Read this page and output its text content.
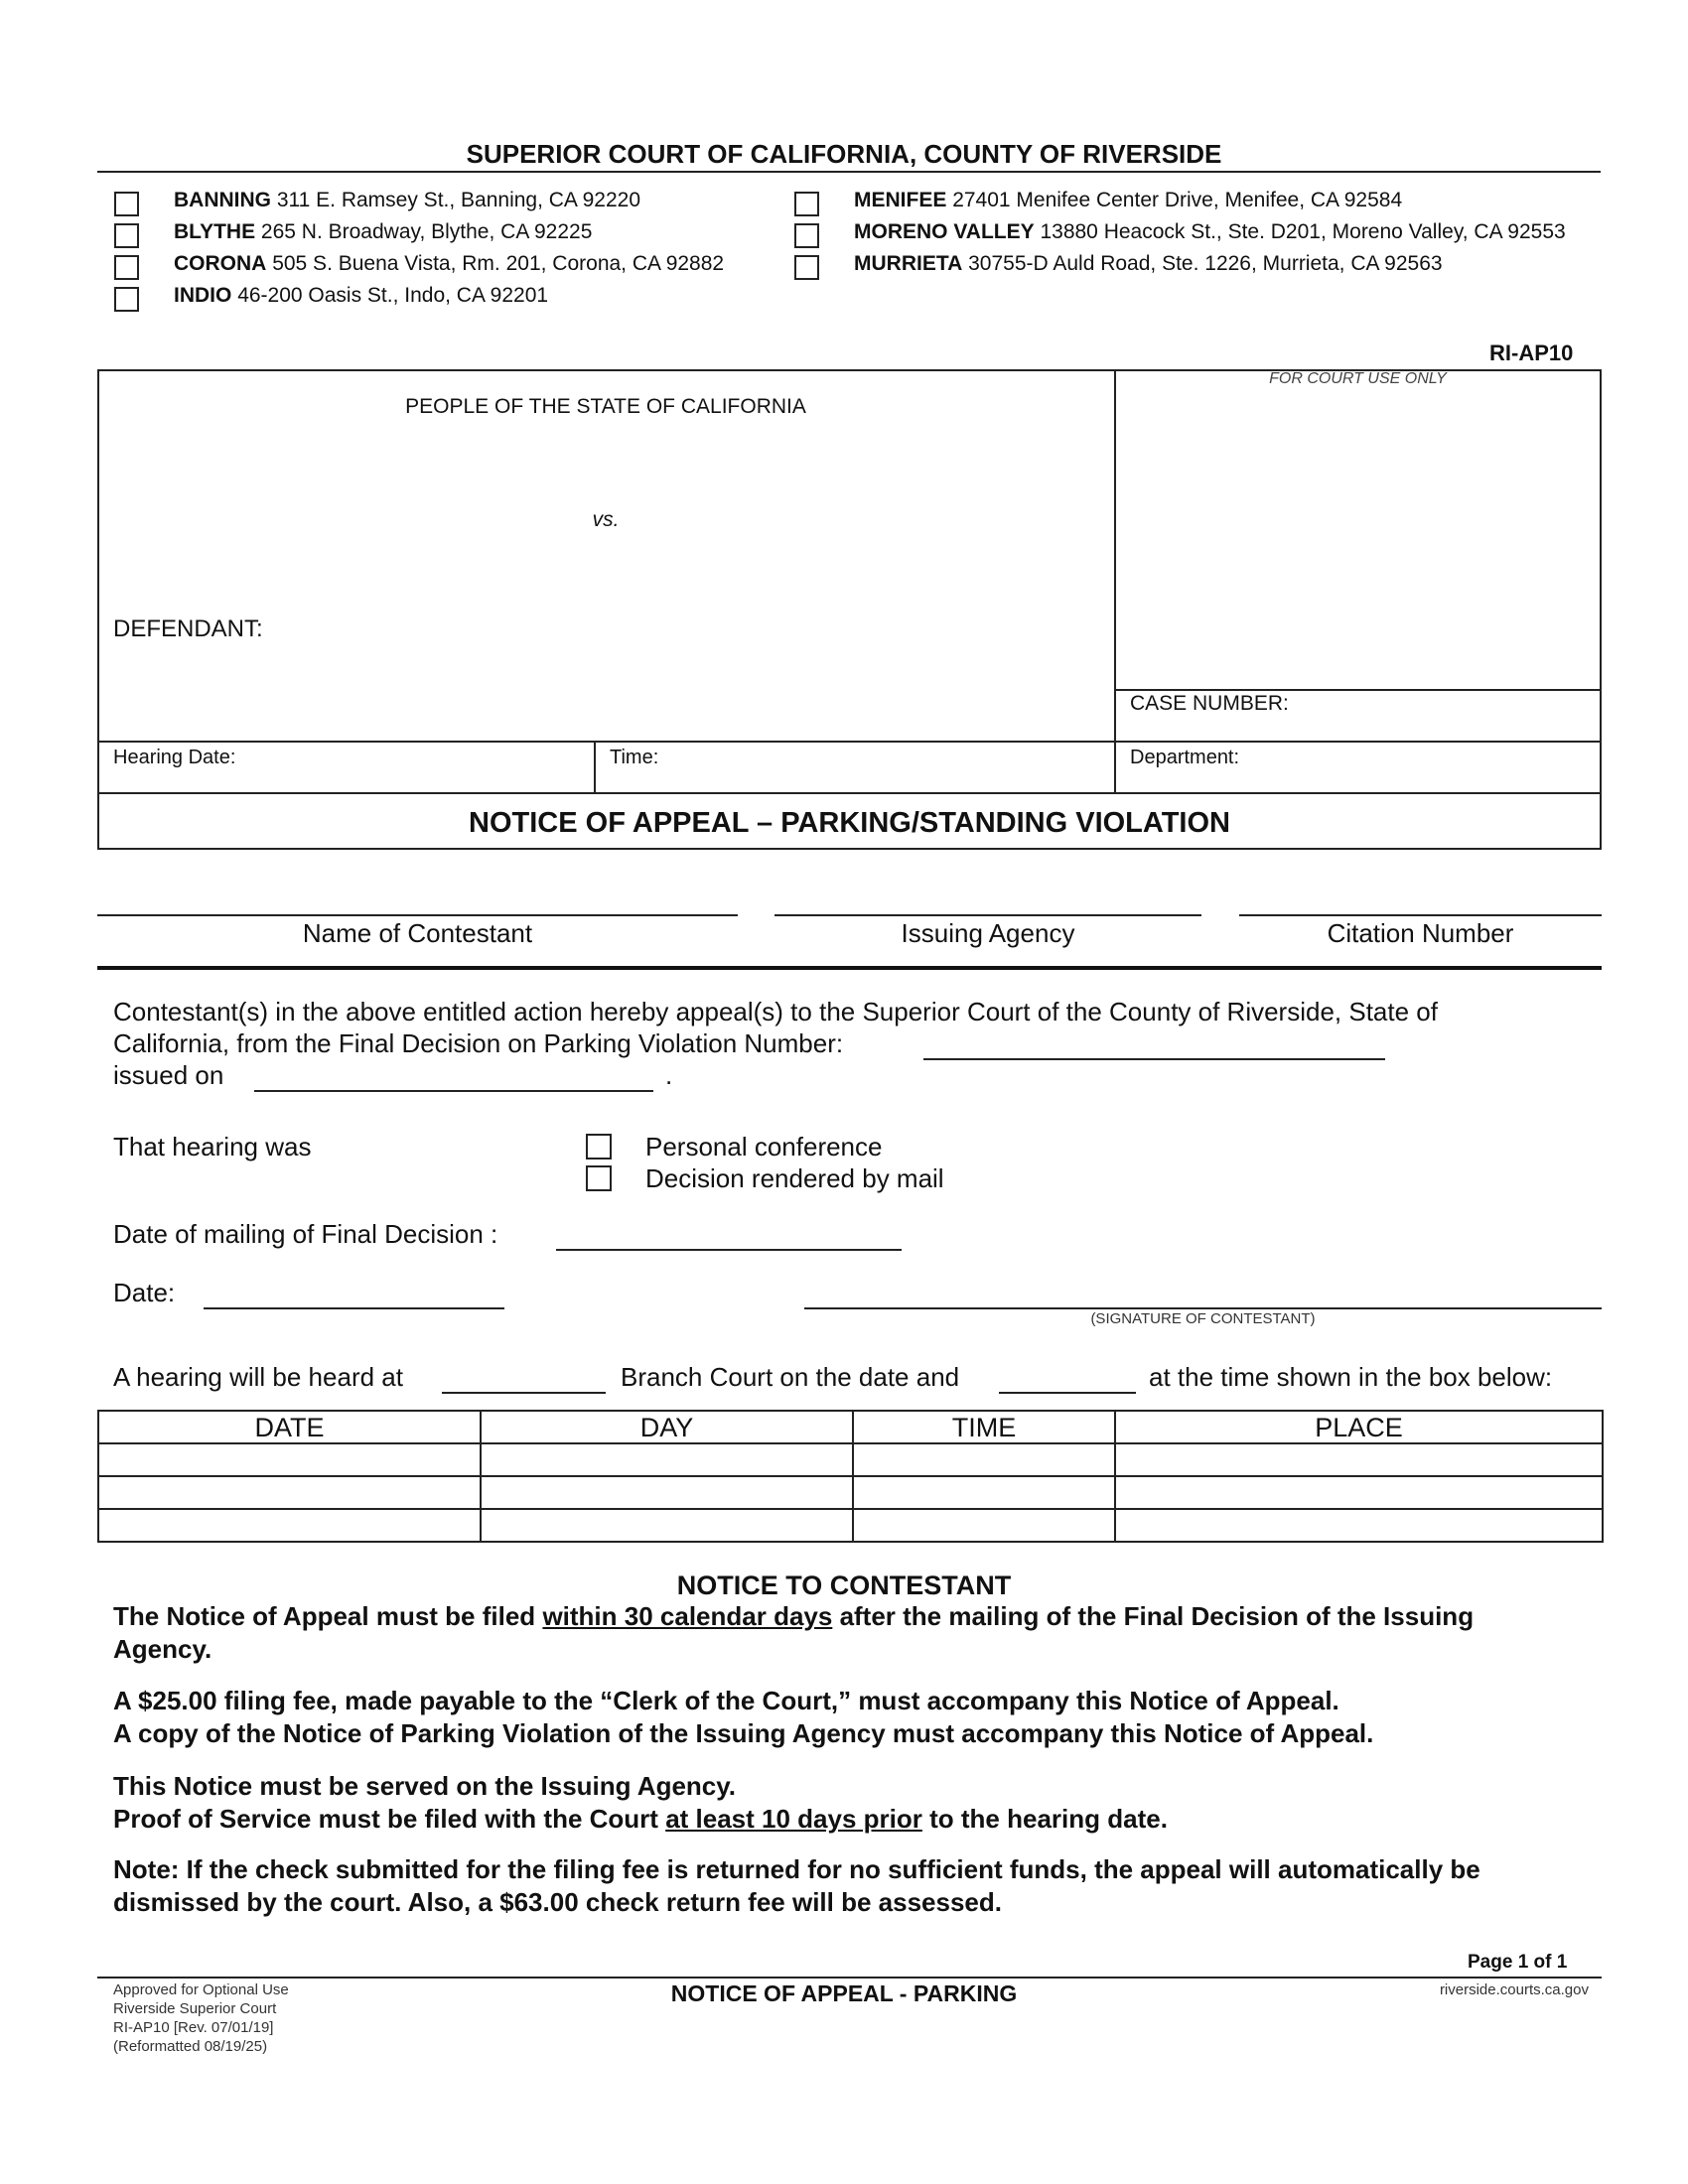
SUPERIOR COURT OF CALIFORNIA, COUNTY OF RIVERSIDE
BANNING 311 E. Ramsey St., Banning, CA 92220
BLYTHE 265 N. Broadway, Blythe, CA 92225
CORONA 505 S. Buena Vista, Rm. 201, Corona, CA 92882
INDIO 46-200 Oasis St., Indo, CA 92201
MENIFEE 27401 Menifee Center Drive, Menifee, CA 92584
MORENO VALLEY 13880 Heacock St., Ste. D201, Moreno Valley, CA 92553
MURRIETA 30755-D Auld Road, Ste. 1226, Murrieta, CA 92563
RI-AP10
PEOPLE OF THE STATE OF CALIFORNIA
vs.
DEFENDANT:
FOR COURT USE ONLY
CASE NUMBER:
Hearing Date:	Time:	Department:
NOTICE OF APPEAL – PARKING/STANDING VIOLATION
Name of Contestant	Issuing Agency	Citation Number
Contestant(s) in the above entitled action hereby appeal(s) to the Superior Court of the County of Riverside, State of
California, from the Final Decision on Parking Violation Number:
issued on	.
That hearing was	Personal conference
Decision rendered by mail
Date of mailing of Final Decision :
Date:
(SIGNATURE OF CONTESTANT)
A hearing will be heard at	Branch Court on the date and	at the time shown in the box below:
DATE	DAY	TIME	PLACE

NOTICE TO CONTESTANT
The Notice of Appeal must be filed within 30 calendar days after the mailing of the Final Decision of the Issuing
Agency.
A $25.00 filing fee, made payable to the “Clerk of the Court,” must accompany this Notice of Appeal.
A copy of the Notice of Parking Violation of the Issuing Agency must accompany this Notice of Appeal.
This Notice must be served on the Issuing Agency.
Proof of Service must be filed with the Court at least 10 days prior to the hearing date.
Note: If the check submitted for the filing fee is returned for no sufficient funds, the appeal will automatically be
dismissed by the court. Also, a $63.00 check return fee will be assessed.
Page 1 of 1
Approved for Optional Use
Riverside Superior Court
RI-AP10 [Rev. 07/01/19]
(Reformatted 08/19/25)
NOTICE OF APPEAL - PARKING	riverside.courts.ca.gov
